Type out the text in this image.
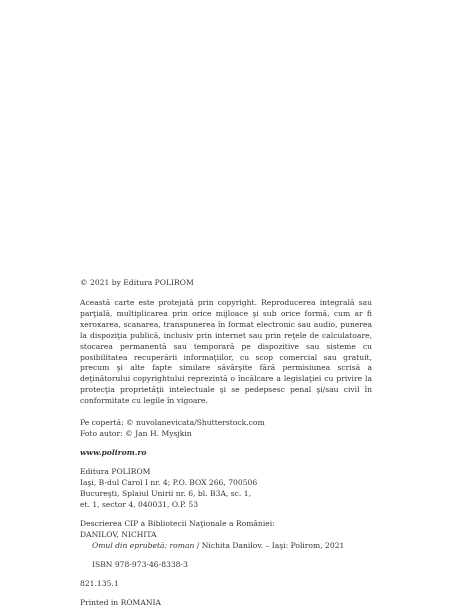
© 2021 by Editura POLIROM
Această carte este protejată prin copyright. Reproducerea integrală sau parţială, multiplicarea prin orice mijloace şi sub orice formă, cum ar fi xeroxarea, scanarea, transpunerea în format electronic sau audio, punerea la dispoziţia publică, inclusiv prin internet sau prin reţele de calculatoare, stocarea permanentă sau temporară pe dispozitive sau sisteme cu posibilitatea recuperării informaţiilor, cu scop comercial sau gratuit, precum şi alte fapte similare săvârşite fără permisiunea scrisă a deţinătorului copyrightului reprezintă o încălcare a legislaţiei cu privire la protecţia proprietăţii intelectuale şi se pedepsesc penal şi/sau civil în conformitate cu legile în vigoare.
Pe copertă: © nuvolanevicata/Shutterstock.com
Foto autor: © Jan H. Mysjkin
www.polirom.ro
Editura POLIROM
Iaşi, B-dul Carol I nr. 4; P.O. BOX 266, 700506
Bucureşti, Splaiul Unirii nr. 6, bl. B3A, sc. 1,
et. 1, sector 4, 040031, O.P. 53
Descrierea CIP a Bibliotecii Naţionale a României:
DANILOV, NICHITA
Omul din eprubetă: roman / Nichita Danilov. – Iaşi: Polirom, 2021
ISBN 978-973-46-8338-3
821.135.1
Printed in ROMANIA
